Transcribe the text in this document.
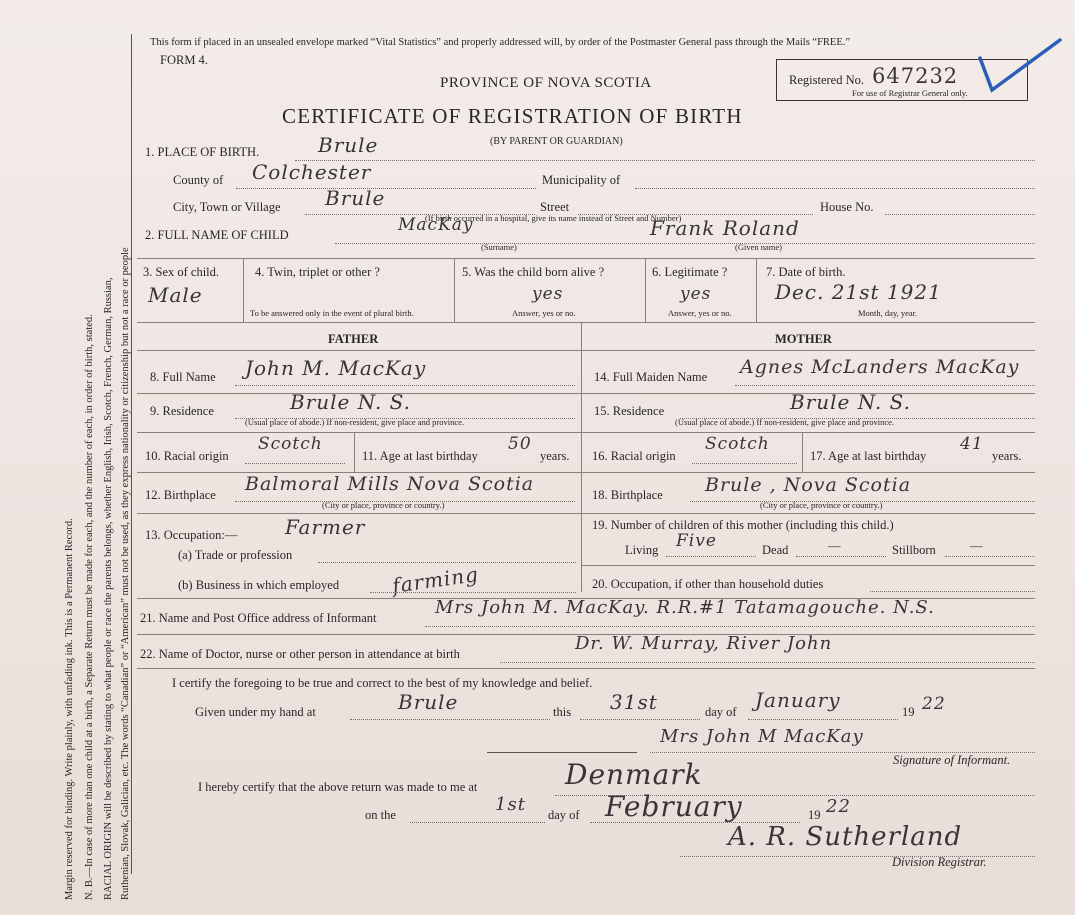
Margin reserved for binding. Write plainly, with unfading ink. This is a Permanent Record. N. B.—In case of more than one child at a birth, a Separate Return must be made for each, and the number of each, in order of birth, stated. RACIAL ORIGIN will be described by stating to what people or race the parents belongs, whether English, Irish, Scotch, French, German, Russian, Ruthenian, Slovak, Galician, etc. The words “Canadian” or “American” must not be used, as they express nationality or citizenship but not a race or people
This form if placed in an unsealed envelope marked “Vital Statistics” and properly addressed will, by order of the Postmaster General pass through the Mails “FREE.”
FORM 4.
PROVINCE OF NOVA SCOTIA
CERTIFICATE OF REGISTRATION OF BIRTH
(BY PARENT OR GUARDIAN)
Registered No. 647232
For use of Registrar General only.
1. PLACE OF BIRTH.	Brule
County of Colchester	Municipality of
City, Town or Village Brule	Street	House No.
(If birth occurred in a hospital, give its name instead of Street and Number)
2. FULL NAME OF CHILD	MacKay	Frank Roland
(Surname)	(Given name)
3. Sex of child.
Male
4. Twin, triplet or other ?
To be answered only in the event of plural birth.
5. Was the child born alive ?
yes
Answer, yes or no.
6. Legitimate ?
yes
Answer, yes or no.
7. Date of birth.
Dec. 21st 1921
Month, day, year.
FATHER	MOTHER
8. Full Name John M. MacKay
9. Residence	Brule N. S.
(Usual place of abode.) If non-resident, give place and province.
10. Racial origin
Scotch
11. Age at last birthday
50
years.
12. Birthplace Balmoral Mills Nova Scotia
(City or place, province or country.)
13. Occupation:— Farmer
(a) Trade or profession
(b) Business in which employed	farming
14. Full Maiden Name Agnes McLanders MacKay
15. Residence	Brule N. S.
(Usual place of abode.) If non-resident, give place and province.
16. Racial origin
Scotch
17. Age at last birthday
41
years.
18. Birthplace Brule , Nova Scotia
(City or place, province or country.)
19. Number of children of this mother (including this child.)
Living Five	Dead	—	Stillborn	—
20. Occupation, if other than household duties
21. Name and Post Office address of Informant	Mrs John M. MacKay. R.R.#1 Tatamagouche. N.S.
22. Name of Doctor, nurse or other person in attendance at birth	Dr. W. Murray, River John
I certify the foregoing to be true and correct to the best of my knowledge and belief.
Given under my hand at	Brule	this 31st	day of January	19 22
Mrs John M MacKay
Signature of Informant.
I hereby certify that the above return was made to me at	Denmark
on the	1st day of February	19 22
A. R. Sutherland
Division Registrar.
